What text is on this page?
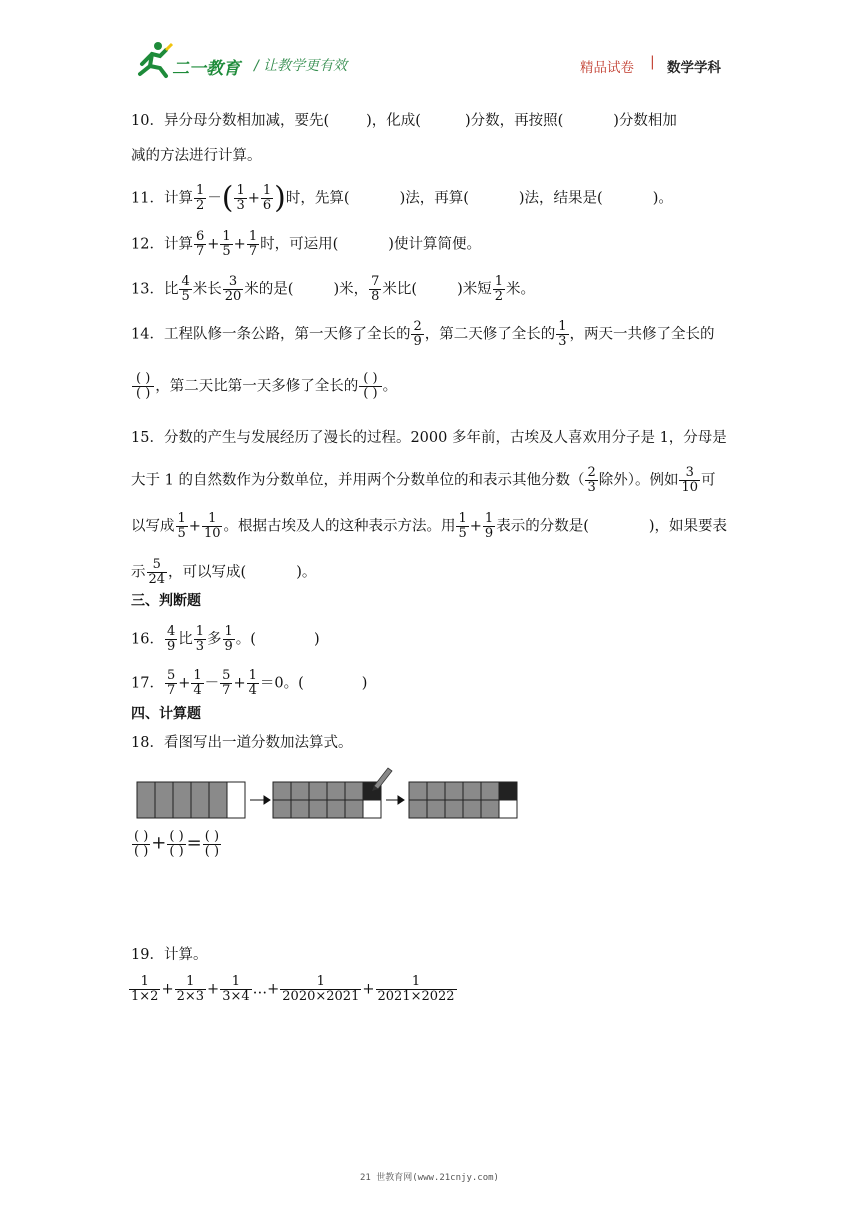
二一教育 / 让教学更有效	精品试卷 | 数学学科
10．异分母分数相加减，要先(	)，化成(	)分数，再按照(	)分数相加
减的方法进行计算。
11．计算 $\frac{1}{2}$ －( $\frac{1}{3} + \frac{1}{6}$ )时，先算(	)法，再算(	)法，结果是(	)。
12．计算 $\frac{6}{7} + \frac{1}{5} + \frac{1}{7}$ 时，可运用(	)使计算简便。
13．比 $\frac{4}{5}$ 米长 $\frac{3}{20}$ 米的是(	)米， $\frac{7}{8}$ 米比(	)米短 $\frac{1}{2}$ 米。
14．工程队修一条公路，第一天修了全长的 $\frac{2}{9}$ ，第二天修了全长的 $\frac{1}{3}$ ，两天一共修了全长的
$\frac{( )}{( )}$ ，第二天比第一天多修了全长的 $\frac{( )}{( )}$ 。
15．分数的产生与发展经历了漫长的过程。2000 多年前，古埃及人喜欢用分子是 1，分母是
大于 1 的自然数作为分数单位，并用两个分数单位的和表示其他分数（ $\frac{2}{3}$ 除外）。例如 $\frac{3}{10}$ 可
以写成 $\frac{1}{5} + \frac{1}{10}$ 。根据古埃及人的这种表示方法。用 $\frac{1}{5} + \frac{1}{9}$ 表示的分数是(	)，如果要表
示 $\frac{5}{24}$ ，可以写成(	)。
三、判断题
16． $\frac{4}{9}$ 比 $\frac{1}{3}$ 多 $\frac{1}{9}$ 。(	)
17． $\frac{5}{7} + \frac{1}{4} - \frac{5}{7} + \frac{1}{4} =0$。(	)
四、计算题
18．看图写出一道分数加法算式。
$\frac{( )}{( )} + \frac{( )}{( )} = \frac{( )}{( )}$
19．计算。
$\frac{1}{1\times 2} + \frac{1}{2\times 3} + \frac{1}{3\times 4}$ …+ $\frac{1}{2020\times 2021} + \frac{1}{2021\times 2022}$
21 世教育网(www.21cnjy.com)
